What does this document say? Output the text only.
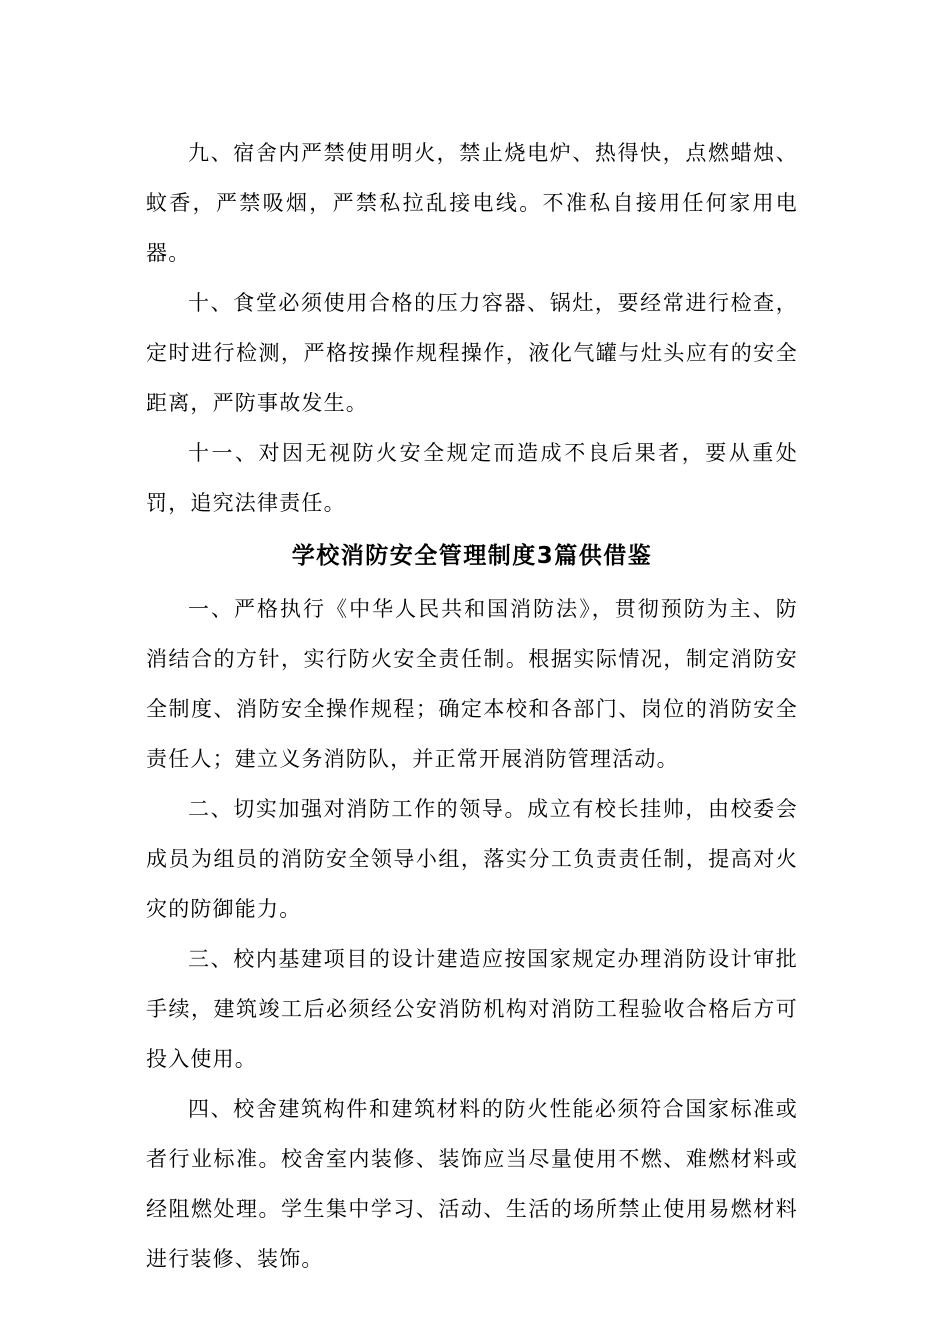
九、宿舍内严禁使用明火，禁止烧电炉、热得快，点燃蜡烛、蚊香，严禁吸烟，严禁私拉乱接电线。不准私自接用任何家用电器。

十、食堂必须使用合格的压力容器、锅灶，要经常进行检查，定时进行检测，严格按操作规程操作，液化气罐与灶头应有的安全距离，严防事故发生。

十一、对因无视防火安全规定而造成不良后果者，要从重处罚，追究法律责任。

学校消防安全管理制度3篇供借鉴

一、严格执行《中华人民共和国消防法》，贯彻预防为主、防消结合的方针，实行防火安全责任制。根据实际情况，制定消防安全制度、消防安全操作规程；确定本校和各部门、岗位的消防安全责任人；建立义务消防队，并正常开展消防管理活动。

二、切实加强对消防工作的领导。成立有校长挂帅，由校委会成员为组员的消防安全领导小组，落实分工负责责任制，提高对火灾的防御能力。

三、校内基建项目的设计建造应按国家规定办理消防设计审批手续，建筑竣工后必须经公安消防机构对消防工程验收合格后方可投入使用。

四、校舍建筑构件和建筑材料的防火性能必须符合国家标准或者行业标准。校舍室内装修、装饰应当尽量使用不燃、难燃材料或经阻燃处理。学生集中学习、活动、生活的场所禁止使用易燃材料进行装修、装饰。
